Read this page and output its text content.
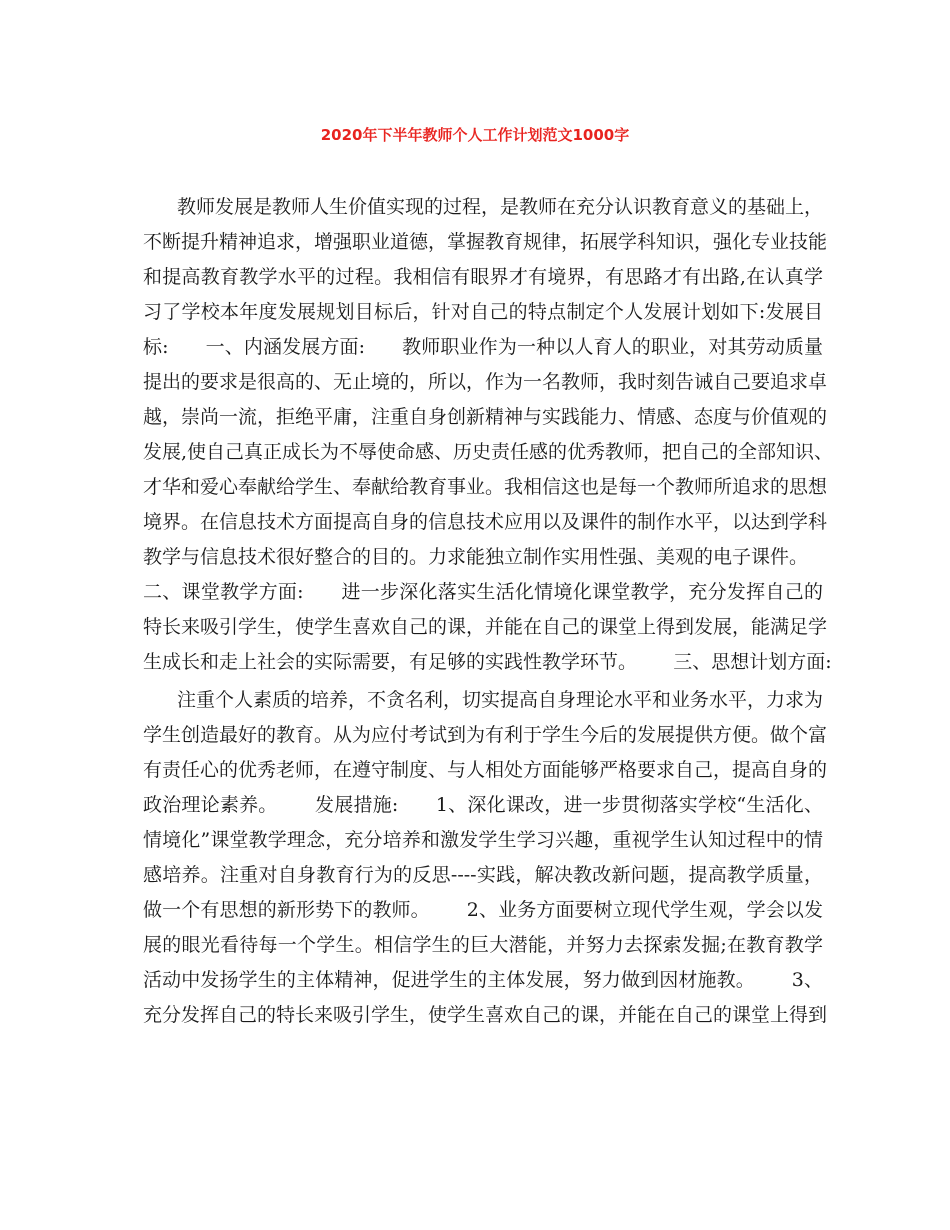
2020年下半年教师个人工作计划范文1000字
教师发展是教师人生价值实现的过程，是教师在充分认识教育意义的基础上，
不断提升精神追求，增强职业道德，掌握教育规律，拓展学科知识，强化专业技能
和提高教育教学水平的过程。我相信有眼界才有境界，有思路才有出路,在认真学
习了学校本年度发展规划目标后，针对自己的特点制定个人发展计划如下:发展目
标:      一、内涵发展方面:      教师职业作为一种以人育人的职业，对其劳动质量
提出的要求是很高的、无止境的，所以，作为一名教师，我时刻告诫自己要追求卓
越，崇尚一流，拒绝平庸，注重自身创新精神与实践能力、情感、态度与价值观的
发展,使自己真正成长为不辱使命感、历史责任感的优秀教师，把自己的全部知识、
才华和爱心奉献给学生、奉献给教育事业。我相信这也是每一个教师所追求的思想
境界。在信息技术方面提高自身的信息技术应用以及课件的制作水平，以达到学科
教学与信息技术很好整合的目的。力求能独立制作实用性强、美观的电子课件。
二、课堂教学方面:      进一步深化落实生活化情境化课堂教学，充分发挥自己的
特长来吸引学生，使学生喜欢自己的课，并能在自己的课堂上得到发展，能满足学
生成长和走上社会的实际需要，有足够的实践性教学环节。      三、思想计划方面:
注重个人素质的培养，不贪名利，切实提高自身理论水平和业务水平，力求为
学生创造最好的教育。从为应付考试到为有利于学生今后的发展提供方便。做个富
有责任心的优秀老师，在遵守制度、与人相处方面能够严格要求自己，提高自身的
政治理论素养。      发展措施:      1、深化课改，进一步贯彻落实学校“生活化、
情境化”课堂教学理念，充分培养和激发学生学习兴趣，重视学生认知过程中的情
感培养。注重对自身教育行为的反思----实践，解决教改新问题，提高教学质量，
做一个有思想的新形势下的教师。      2、业务方面要树立现代学生观，学会以发
展的眼光看待每一个学生。相信学生的巨大潜能，并努力去探索发掘;在教育教学
活动中发扬学生的主体精神，促进学生的主体发展，努力做到因材施教。      3、
充分发挥自己的特长来吸引学生，使学生喜欢自己的课，并能在自己的课堂上得到
